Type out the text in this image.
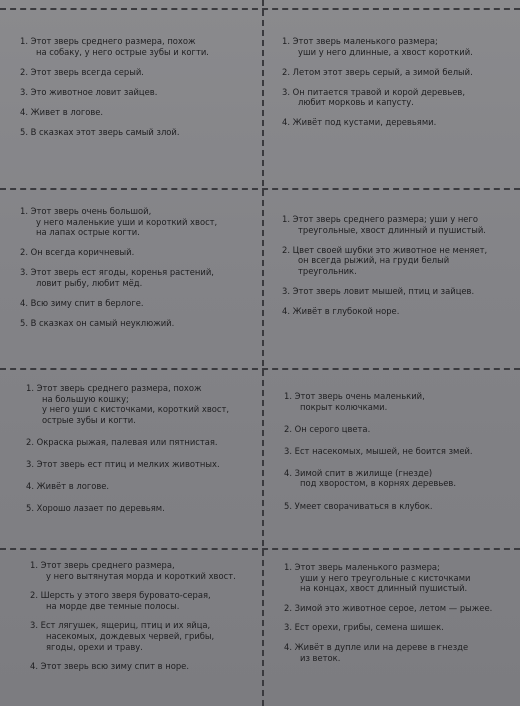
1. Этот зверь среднего размера, похож
на собаку, у него острые зубы и когти.
2. Этот зверь всегда серый.
3. Это животное ловит зайцев.
4. Живет в логове.
5. В сказках этот зверь самый злой.
1. Этот зверь маленького размера;
уши у него длинные, а хвост короткий.
2. Летом этот зверь серый, а зимой белый.
3. Он питается травой и корой деревьев,
любит морковь и капусту.
4. Живёт под кустами, деревьями.
1. Этот зверь очень большой,
у него маленькие уши и короткий хвост,
на лапах острые когти.
2. Он всегда коричневый.
3. Этот зверь ест ягоды, коренья растений,
ловит рыбу, любит мёд.
4. Всю зиму спит в берлоге.
5. В сказках он самый неуклюжий.
1. Этот зверь среднего размера; уши у него
треугольные, хвост длинный и пушистый.
2. Цвет своей шубки это животное не меняет,
он всегда рыжий, на груди белый
треугольник.
3. Этот зверь ловит мышей, птиц и зайцев.
4. Живёт в глубокой норе.
1. Этот зверь среднего размера, похож
на большую кошку;
у него уши с кисточками, короткий хвост,
острые зубы и когти.
2. Окраска рыжая, палевая или пятнистая.
3. Этот зверь ест птиц и мелких животных.
4. Живёт в логове.
5. Хорошо лазает по деревьям.
1. Этот зверь очень маленький,
покрыт колючками.
2. Он серого цвета.
3. Ест насекомых, мышей, не боится змей.
4. Зимой спит в жилище (гнезде)
под хворостом, в корнях деревьев.
5. Умеет сворачиваться в клубок.
1. Этот зверь среднего размера,
у него вытянутая морда и короткий хвост.
2. Шерсть у этого зверя буровато-серая,
на морде две темные полосы.
3. Ест лягушек, ящериц, птиц и их яйца,
насекомых, дождевых червей, грибы,
ягоды, орехи и траву.
4. Этот зверь всю зиму спит в норе.
1. Этот зверь маленького размера;
уши у него треугольные с кисточками
на концах, хвост длинный пушистый.
2. Зимой это животное серое, летом — рыжее.
3. Ест орехи, грибы, семена шишек.
4. Живёт в дупле или на дереве в гнезде
из веток.
